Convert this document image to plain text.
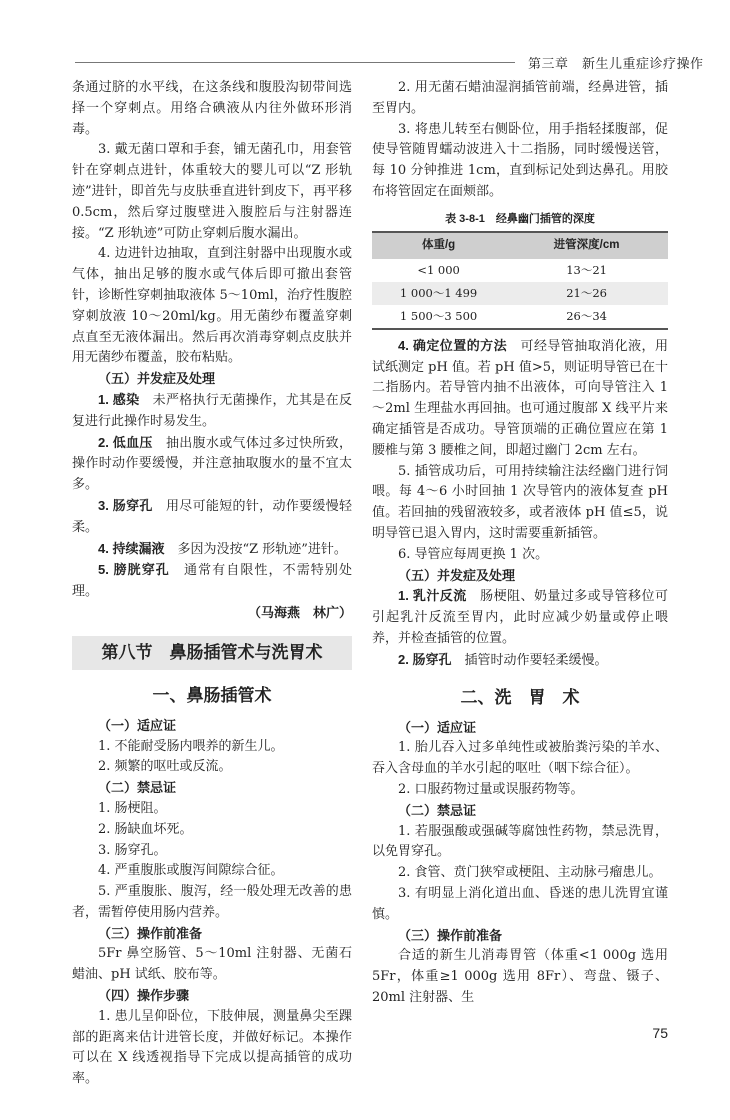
第三章　新生儿重症诊疗操作

条通过脐的水平线，在这条线和腹股沟韧带间选择一个穿刺点。用络合碘液从内往外做环形消毒。

3. 戴无菌口罩和手套，铺无菌孔巾，用套管针在穿刺点进针，体重较大的婴儿可以“Z 形轨迹”进针，即首先与皮肤垂直进针到皮下，再平移 0.5cm，然后穿过腹壁进入腹腔后与注射器连接。“Z 形轨迹”可防止穿刺后腹水漏出。

4. 边进针边抽取，直到注射器中出现腹水或气体，抽出足够的腹水或气体后即可撤出套管针，诊断性穿刺抽取液体 5～10ml，治疗性腹腔穿刺放液 10～20ml/kg。用无菌纱布覆盖穿刺点直至无液体漏出。然后再次消毒穿刺点皮肤并用无菌纱布覆盖，胶布粘贴。

（五）并发症及处理

1. 感染　未严格执行无菌操作，尤其是在反复进行此操作时易发生。

2. 低血压　抽出腹水或气体过多过快所致，操作时动作要缓慢，并注意抽取腹水的量不宜太多。

3. 肠穿孔　用尽可能短的针，动作要缓慢轻柔。

4. 持续漏液　多因为没按“Z 形轨迹”进针。

5. 膀胱穿孔　通常有自限性，不需特别处理。

（马海燕　林广）

第八节　鼻肠插管术与洗胃术
一、鼻肠插管术

（一）适应证

1. 不能耐受肠内喂养的新生儿。

2. 频繁的呕吐或反流。

（二）禁忌证

1. 肠梗阻。

2. 肠缺血坏死。

3. 肠穿孔。

4. 严重腹胀或腹泻间隙综合征。

5. 严重腹胀、腹泻，经一般处理无改善的患者，需暂停使用肠内营养。

（三）操作前准备

5Fr 鼻空肠管、5～10ml 注射器、无菌石蜡油、pH 试纸、胶布等。

（四）操作步骤

1. 患儿呈仰卧位，下肢伸展，测量鼻尖至踝部的距离来估计进管长度，并做好标记。本操作可以在 X 线透视指导下完成以提高插管的成功率。

2. 用无菌石蜡油湿润插管前端，经鼻进管，插至胃内。

3. 将患儿转至右侧卧位，用手指轻揉腹部，促使导管随胃蠕动波进入十二指肠，同时缓慢送管，每 10 分钟推进 1cm，直到标记处到达鼻孔。用胶布将管固定在面颊部。

表 3-8-1　经鼻幽门插管的深度
体重/g	进管深度/cm
<1 000	13～21
1 000～1 499	21～26
1 500～3 500	26～34

4. 确定位置的方法　可经导管抽取消化液，用试纸测定 pH 值。若 pH 值>5，则证明导管已在十二指肠内。若导管内抽不出液体，可向导管注入 1～2ml 生理盐水再回抽。也可通过腹部 X 线平片来确定插管是否成功。导管顶端的正确位置应在第 1 腰椎与第 3 腰椎之间，即超过幽门 2cm 左右。

5. 插管成功后，可用持续输注法经幽门进行饲喂。每 4～6 小时回抽 1 次导管内的液体复查 pH 值。若回抽的残留液较多，或者液体 pH 值≤5，说明导管已退入胃内，这时需要重新插管。

6. 导管应每周更换 1 次。

（五）并发症及处理

1. 乳汁反流　肠梗阻、奶量过多或导管移位可引起乳汁反流至胃内，此时应减少奶量或停止喂养，并检查插管的位置。

2. 肠穿孔　插管时动作要轻柔缓慢。

二、洗　胃　术

（一）适应证

1. 胎儿吞入过多单纯性或被胎粪污染的羊水、吞入含母血的羊水引起的呕吐（咽下综合征）。

2. 口服药物过量或误服药物等。

（二）禁忌证

1. 若服强酸或强碱等腐蚀性药物，禁忌洗胃，以免胃穿孔。

2. 食管、贲门狭窄或梗阻、主动脉弓瘤患儿。

3. 有明显上消化道出血、昏迷的患儿洗胃宜谨慎。

（三）操作前准备

合适的新生儿消毒胃管（体重<1 000g 选用 5Fr，体重≥1 000g 选用 8Fr）、弯盘、镊子、20ml 注射器、生

75
